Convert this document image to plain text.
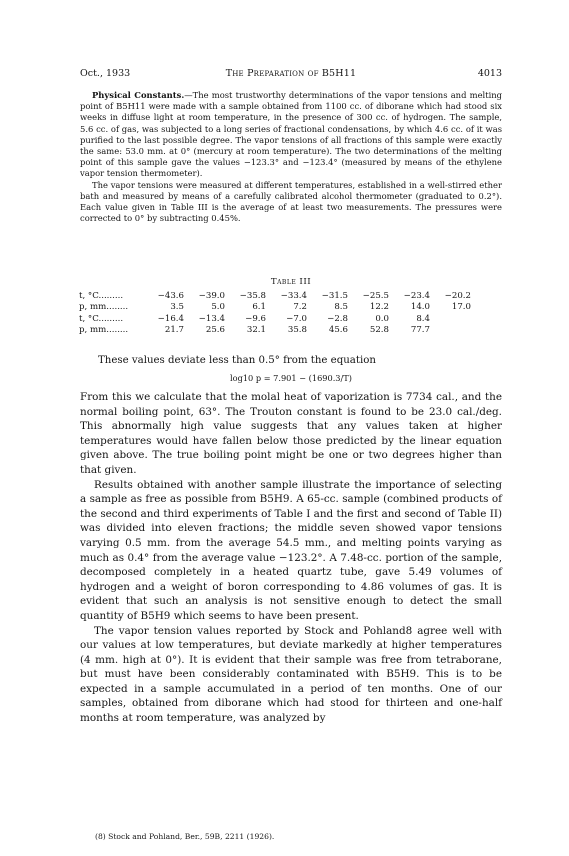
Oct., 1933	The Preparation of B5H11	4013

Physical Constants.—The most trustworthy determinations of the vapor tensions and melting point of B5H11 were made with a sample obtained from 1100 cc. of diborane which had stood six weeks in diffuse light at room temperature, in the presence of 300 cc. of hydrogen. The sample, 5.6 cc. of gas, was subjected to a long series of fractional condensations, by which 4.6 cc. of it was purified to the last possible degree. The vapor tensions of all fractions of this sample were exactly the same: 53.0 mm. at 0° (mercury at room temperature). The two determinations of the melting point of this sample gave the values −123.3° and −123.4° (measured by means of the ethylene vapor tension thermometer).

The vapor tensions were measured at different temperatures, established in a well-stirred ether bath and measured by means of a carefully calibrated alcohol thermometer (graduated to 0.2°). Each value given in Table III is the average of at least two measurements. The pressures were corrected to 0° by subtracting 0.45%.

Table III
t, °C.........	−43.6	−39.0	−35.8	−33.4	−31.5	−25.5	−23.4	−20.2
p, mm........	3.5	5.0	6.1	7.2	8.5	12.2	14.0	17.0
t, °C.........	−16.4	−13.4	−9.6	−7.0	−2.8	0.0	8.4	
p, mm........	21.7	25.6	32.1	35.8	45.6	52.8	77.7	
These values deviate less than 0.5° from the equation
log10 p = 7.901 − (1690.3/T)

From this we calculate that the molal heat of vaporization is 7734 cal., and the normal boiling point, 63°. The Trouton constant is found to be 23.0 cal./deg. This abnormally high value suggests that any values taken at higher temperatures would have fallen below those predicted by the linear equation given above. The true boiling point might be one or two degrees higher than that given.

Results obtained with another sample illustrate the importance of selecting a sample as free as possible from B5H9. A 65-cc. sample (combined products of the second and third experiments of Table I and the first and second of Table II) was divided into eleven fractions; the middle seven showed vapor tensions varying 0.5 mm. from the average 54.5 mm., and melting points varying as much as 0.4° from the average value −123.2°. A 7.48-cc. portion of the sample, decomposed completely in a heated quartz tube, gave 5.49 volumes of hydrogen and a weight of boron corresponding to 4.86 volumes of gas. It is evident that such an analysis is not sensitive enough to detect the small quantity of B5H9 which seems to have been present.

The vapor tension values reported by Stock and Pohland8 agree well with our values at low temperatures, but deviate markedly at higher temperatures (4 mm. high at 0°). It is evident that their sample was free from tetraborane, but must have been considerably contaminated with B5H9. This is to be expected in a sample accumulated in a period of ten months. One of our samples, obtained from diborane which had stood for thirteen and one-half months at room temperature, was analyzed by

(8) Stock and Pohland, Ber., 59B, 2211 (1926).
